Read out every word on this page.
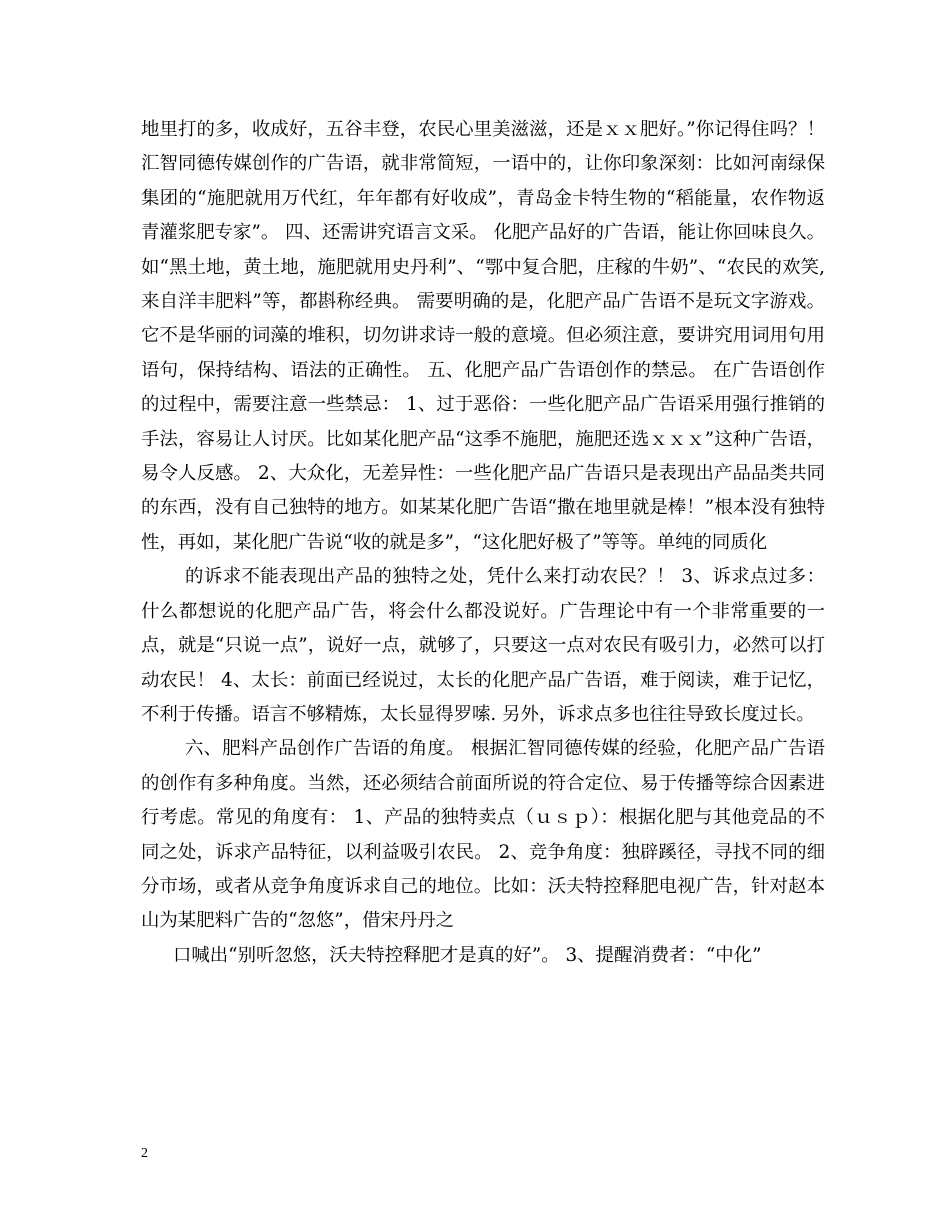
地里打的多，收成好，五谷丰登，农民心里美滋滋，还是ｘｘ肥好。”你记得住吗？！ 汇智同德传媒创作的广告语，就非常简短，一语中的，让你印象深刻：比如河南绿保集团的“施肥就用万代红，年年都有好收成”，青岛金卡特生物的“稻能量，农作物返青灌浆肥专家”。 四、还需讲究语言文采。 化肥产品好的广告语，能让你回味良久。如“黑土地，黄土地，施肥就用史丹利”、“鄂中复合肥，庄稼的牛奶”、“农民的欢笑,来自洋丰肥料”等，都斟称经典。 需要明确的是，化肥产品广告语不是玩文字游戏。它不是华丽的词藻的堆积，切勿讲求诗一般的意境。但必须注意，要讲究用词用句用语句，保持结构、语法的正确性。 五、化肥产品广告语创作的禁忌。 在广告语创作的过程中，需要注意一些禁忌： 1、过于恶俗：一些化肥产品广告语采用强行推销的手法，容易让人讨厌。比如某化肥产品“这季不施肥，施肥还选ｘｘｘ”这种广告语，易令人反感。 2、大众化，无差异性：一些化肥产品广告语只是表现出产品品类共同的东西，没有自己独特的地方。如某某化肥广告语“撒在地里就是棒！”根本没有独特性，再如，某化肥广告说“收的就是多”，“这化肥好极了”等等。单纯的同质化

的诉求不能表现出产品的独特之处，凭什么来打动农民？！ 3、诉求点过多：什么都想说的化肥产品广告，将会什么都没说好。广告理论中有一个非常重要的一点，就是“只说一点”，说好一点，就够了，只要这一点对农民有吸引力，必然可以打动农民！ 4、太长：前面已经说过，太长的化肥产品广告语，难于阅读，难于记忆，不利于传播。语言不够精炼，太长显得罗嗦. 另外，诉求点多也往往导致长度过长。

六、肥料产品创作广告语的角度。 根据汇智同德传媒的经验，化肥产品广告语的创作有多种角度。当然，还必须结合前面所说的符合定位、易于传播等综合因素进行考虑。常见的角度有： 1、产品的独特卖点（ｕｓｐ）：根据化肥与其他竞品的不同之处，诉求产品特征，以利益吸引农民。 2、竞争角度：独辟蹊径，寻找不同的细分市场，或者从竞争角度诉求自己的地位。比如：沃夫特控释肥电视广告，针对赵本山为某肥料广告的“忽悠”，借宋丹丹之

口喊出“别听忽悠，沃夫特控释肥才是真的好”。 3、提醒消费者：“中化”

2
